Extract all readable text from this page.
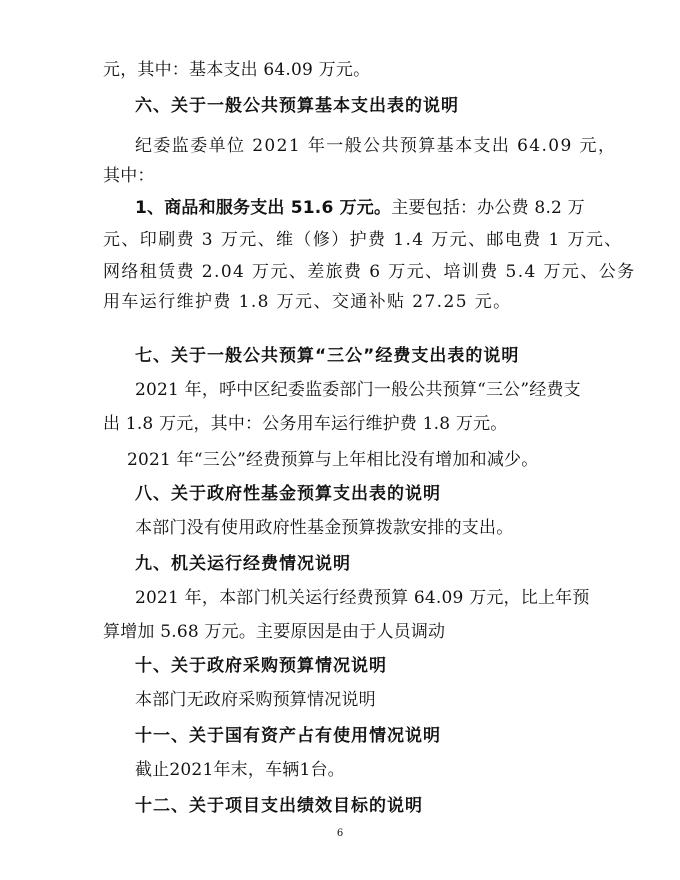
元，其中：基本支出 64.09 万元。
六、关于一般公共预算基本支出表的说明
纪委监委单位 2021 年一般公共预算基本支出 64.09 元，
其中：
1、商品和服务支出 51.6 万元。主要包括：办公费 8.2 万
元、印刷费 3 万元、维（修）护费 1.4 万元、邮电费 1 万元、
网络租赁费 2.04 万元、差旅费 6 万元、培训费 5.4 万元、公务
用车运行维护费 1.8 万元、交通补贴 27.25 元。
七、关于一般公共预算“三公”经费支出表的说明
2021 年，呼中区纪委监委部门一般公共预算“三公”经费支
出 1.8 万元，其中：公务用车运行维护费 1.8 万元。
2021 年“三公”经费预算与上年相比没有增加和减少。
八、关于政府性基金预算支出表的说明
本部门没有使用政府性基金预算拨款安排的支出。
九、机关运行经费情况说明
2021 年，本部门机关运行经费预算 64.09 万元，比上年预
算增加 5.68 万元。主要原因是由于人员调动
十、关于政府采购预算情况说明
本部门无政府采购预算情况说明
十一、关于国有资产占有使用情况说明
截止2021年末，车辆1台。
十二、关于项目支出绩效目标的说明
6
